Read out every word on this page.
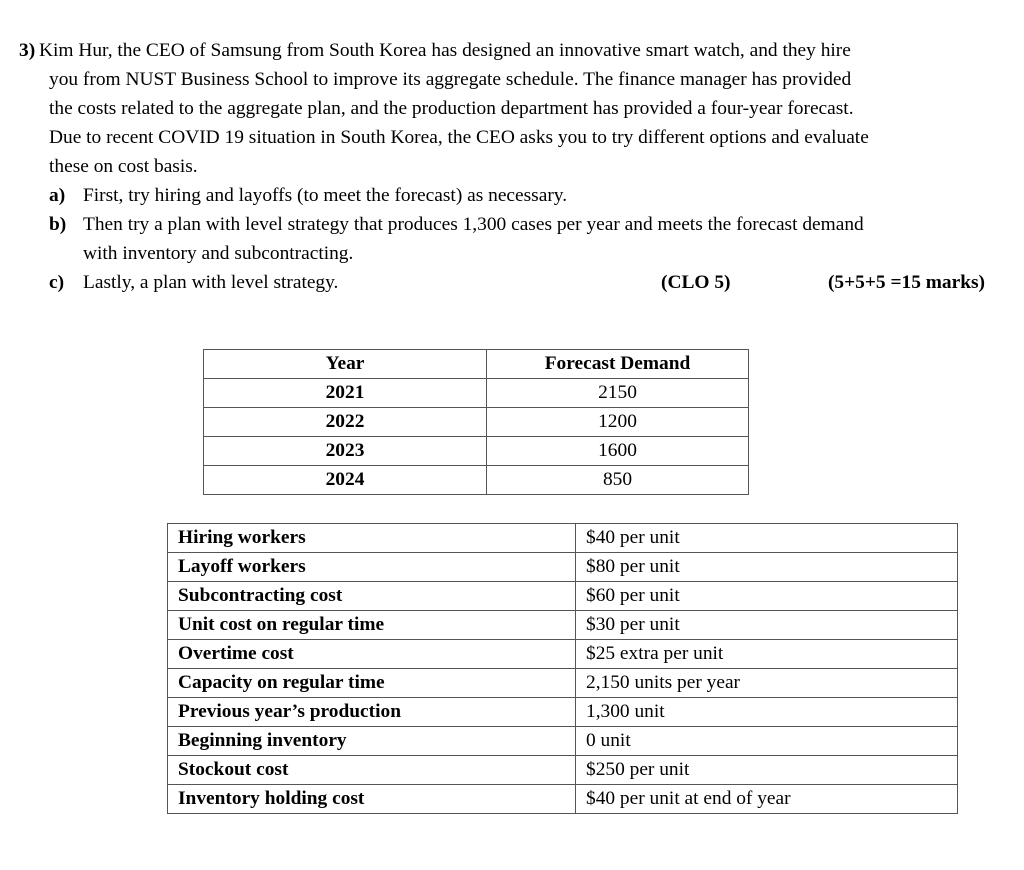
3) Kim Hur, the CEO of Samsung from South Korea has designed an innovative smart watch, and they hire
you from NUST Business School to improve its aggregate schedule. The finance manager has provided
the costs related to the aggregate plan, and the production department has provided a four-year forecast.
Due to recent COVID 19 situation in South Korea, the CEO asks you to try different options and evaluate
these on cost basis.
a) First, try hiring and layoffs (to meet the forecast) as necessary.
b) Then try a plan with level strategy that produces 1,300 cases per year and meets the forecast demand
with inventory and subcontracting.
c) Lastly, a plan with level strategy.	(CLO 5)	(5+5+5 =15 marks)
Year	Forecast Demand
2021	2150
2022	1200
2023	1600
2024	850
Hiring workers	$40 per unit
Layoff workers	$80 per unit
Subcontracting cost	$60 per unit
Unit cost on regular time	$30 per unit
Overtime cost	$25 extra per unit
Capacity on regular time	2,150 units per year
Previous year’s production	1,300 unit
Beginning inventory	0 unit
Stockout cost	$250 per unit
Inventory holding cost	$40 per unit at end of year
